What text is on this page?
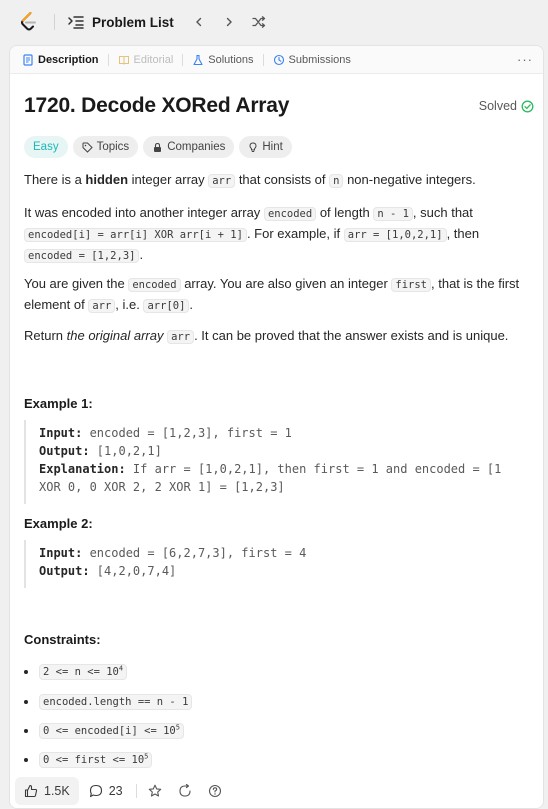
Problem List
Description	Editorial	Solutions	Submissions	···
1720. Decode XORed Array	Solved
Easy	Topics	Companies	Hint
There is a hidden integer array arr that consists of n non-negative integers.
It was encoded into another integer array encoded of length n - 1 , such that encoded[i] = arr[i] XOR arr[i + 1] . For example, if arr = [1,0,2,1] , then encoded = [1,2,3] .
You are given the encoded array. You are also given an integer first , that is the first element of arr , i.e. arr[0] .
Return the original array arr . It can be proved that the answer exists and is unique.
Example 1:
Input: encoded = [1,2,3], first = 1
Output: [1,0,2,1]
Explanation: If arr = [1,0,2,1], then first = 1 and encoded = [1
XOR 0, 0 XOR 2, 2 XOR 1] = [1,2,3]
Example 2:
Input: encoded = [6,2,7,3], first = 4
Output: [4,2,0,7,4]
Constraints:
$2 <= n <= 10^4$
encoded.length == n - 1
0 <= encoded[i] <= $10^5$
0 <= first <= $10^5$
1.5K	23
